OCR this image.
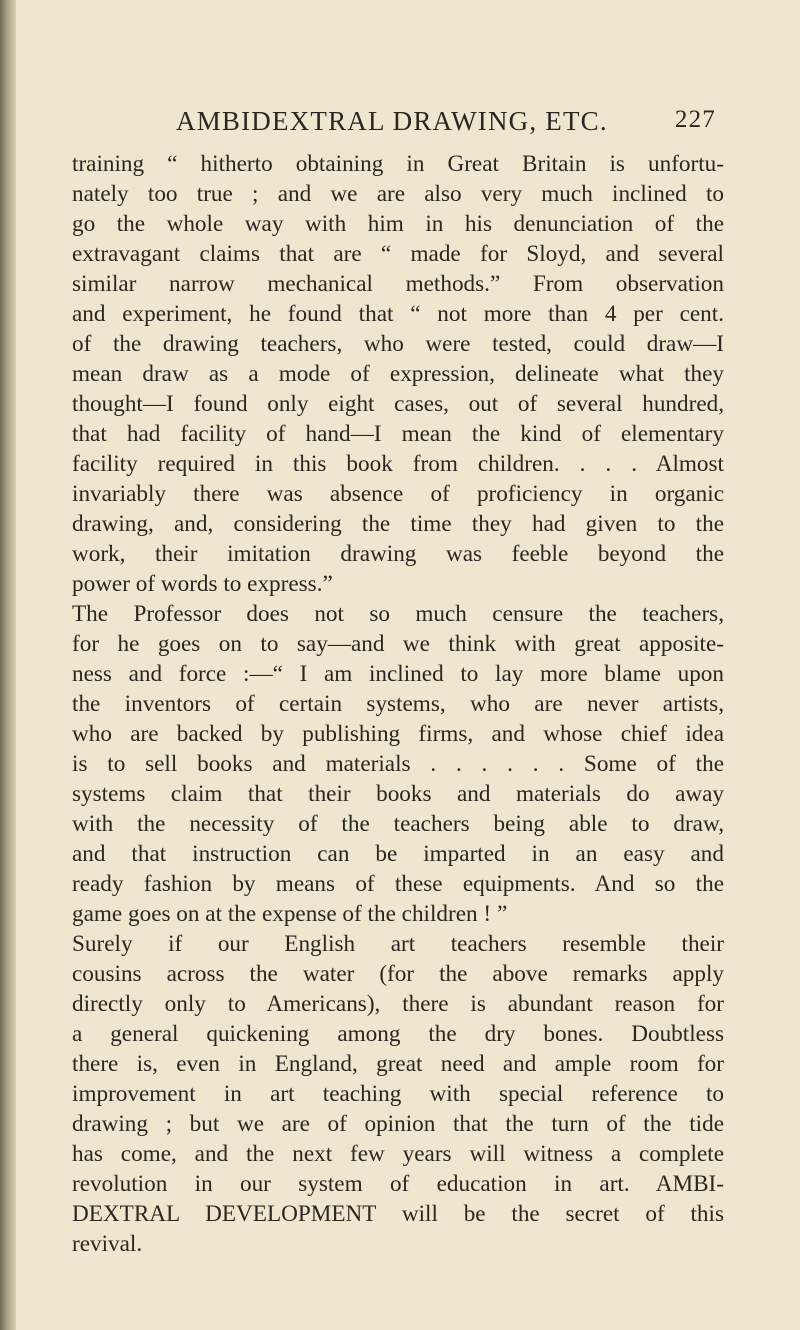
AMBIDEXTRAL DRAWING, ETC.	227
training “ hitherto obtaining in Great Britain is unfortu-
nately too true ; and we are also very much inclined to
go the whole way with him in his denunciation of the
extravagant claims that are “ made for Sloyd, and several
similar narrow mechanical methods.” From observation
and experiment, he found that “ not more than 4 per cent.
of the drawing teachers, who were tested, could draw—I
mean draw as a mode of expression, delineate what they
thought—I found only eight cases, out of several hundred,
that had facility of hand—I mean the kind of elementary
facility required in this book from children. . . . Almost
invariably there was absence of proficiency in organic
drawing, and, considering the time they had given to the
work, their imitation drawing was feeble beyond the
power of words to express.”
The Professor does not so much censure the teachers,
for he goes on to say—and we think with great apposite-
ness and force :—“ I am inclined to lay more blame upon
the inventors of certain systems, who are never artists,
who are backed by publishing firms, and whose chief idea
is to sell books and materials . . . . . . Some of the
systems claim that their books and materials do away
with the necessity of the teachers being able to draw,
and that instruction can be imparted in an easy and
ready fashion by means of these equipments. And so the
game goes on at the expense of the children ! ”
Surely if our English art teachers resemble their
cousins across the water (for the above remarks apply
directly only to Americans), there is abundant reason for
a general quickening among the dry bones. Doubtless
there is, even in England, great need and ample room for
improvement in art teaching with special reference to
drawing ; but we are of opinion that the turn of the tide
has come, and the next few years will witness a complete
revolution in our system of education in art. AMBI-
DEXTRAL DEVELOPMENT will be the secret of this
revival.
